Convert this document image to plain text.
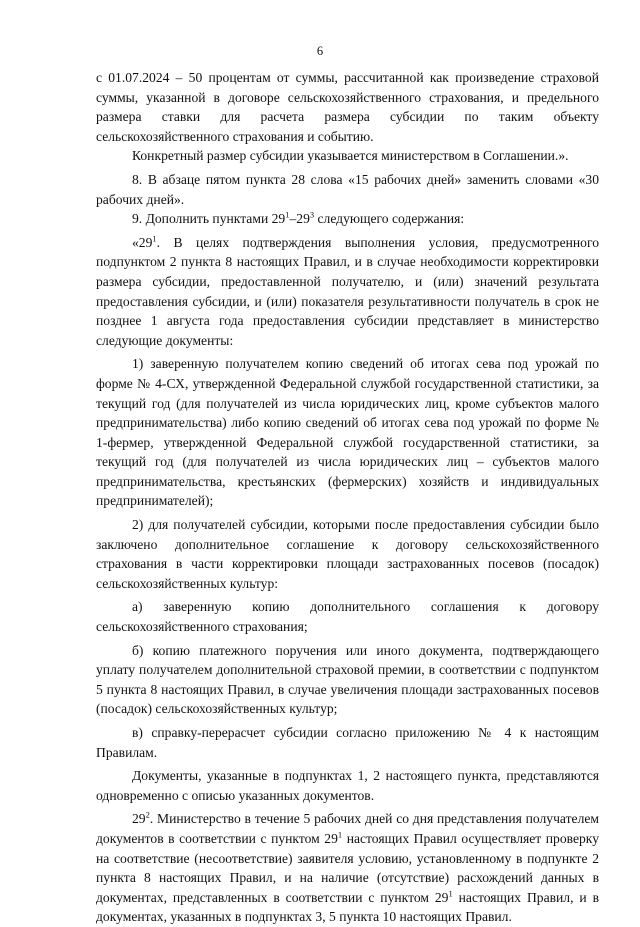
6

с 01.07.2024 – 50 процентам от суммы, рассчитанной как произведение страховой суммы, указанной в договоре сельскохозяйственного страхования, и предельного размера ставки для расчета размера субсидии по таким объекту сельскохозяйственного страхования и событию.

Конкретный размер субсидии указывается министерством в Соглашении.».

8. В абзаце пятом пункта 28 слова «15 рабочих дней» заменить словами «30 рабочих дней».

9. Дополнить пунктами $29^1-29^3$ следующего содержания:

«$29^1$. В целях подтверждения выполнения условия, предусмотренного подпунктом 2 пункта 8 настоящих Правил, и в случае необходимости корректировки размера субсидии, предоставленной получателю, и (или) значений результата предоставления субсидии, и (или) показателя результативности получатель в срок не позднее 1 августа года предоставления субсидии представляет в министерство следующие документы:

1) заверенную получателем копию сведений об итогах сева под урожай по форме № 4-СХ, утвержденной Федеральной службой государственной статистики, за текущий год (для получателей из числа юридических лиц, кроме субъектов малого предпринимательства) либо копию сведений об итогах сева под урожай по форме № 1-фермер, утвержденной Федеральной службой государственной статистики, за текущий год (для получателей из числа юридических лиц – субъектов малого предпринимательства, крестьянских (фермерских) хозяйств и индивидуальных предпринимателей);

2) для получателей субсидии, которыми после предоставления субсидии было заключено дополнительное соглашение к договору сельскохозяйственного страхования в части корректировки площади застрахованных посевов (посадок) сельскохозяйственных культур:

а) заверенную копию дополнительного соглашения к договору сельскохозяйственного страхования;

б) копию платежного поручения или иного документа, подтверждающего уплату получателем дополнительной страховой премии, в соответствии с подпунктом 5 пункта 8 настоящих Правил, в случае увеличения площади застрахованных посевов (посадок) сельскохозяйственных культур;

в) справку-перерасчет субсидии согласно приложению № 4 к настоящим Правилам.

Документы, указанные в подпунктах 1, 2 настоящего пункта, представляются одновременно с описью указанных документов.

$29^2$. Министерство в течение 5 рабочих дней со дня представления получателем документов в соответствии с пунктом $29^1$ настоящих Правил осуществляет проверку на соответствие (несоответствие) заявителя условию, установленному в подпункте 2 пункта 8 настоящих Правил, и на наличие (отсутствие) расхождений данных в документах, представленных в соответствии с пунктом $29^1$ настоящих Правил, и в документах, указанных в подпунктах 3, 5 пункта 10 настоящих Правил.
